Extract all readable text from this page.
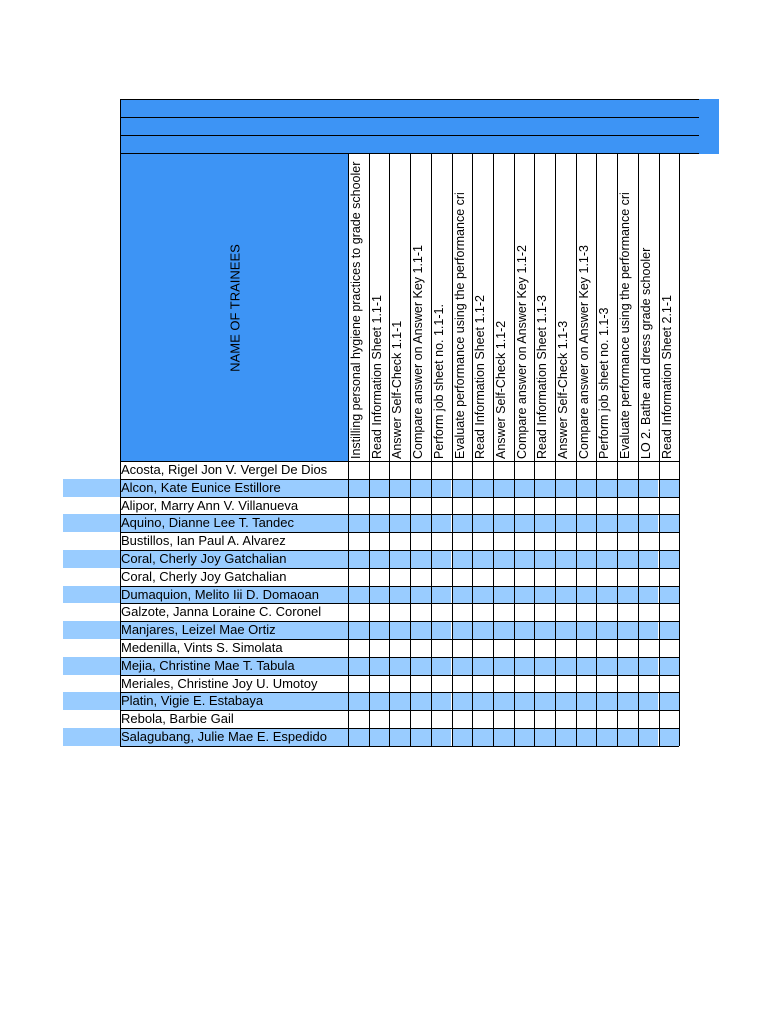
NAME OF TRAINEES	Instilling personal hygiene practices to grade schooler Read Information Sheet 1.1-1 Answer Self-Check 1.1-1 Compare answer on Answer Key 1.1-1 Perform job sheet no. 1.1-1. Evaluate performance using the performance cri Read Information Sheet 1.1-2 Answer Self-Check 1.1-2 Compare answer on Answer Key 1.1-2 Read Information Sheet 1.1-3 Answer Self-Check 1.1-3 Compare answer on Answer Key 1.1-3 Perform job sheet no. 1.1-3 Evaluate performance using the performance cri LO 2. Bathe and dress grade schooler Read Information Sheet 2.1-1
Acosta, Rigel Jon V. Vergel De Dios
Alcon, Kate Eunice Estillore
Alipor, Marry Ann V. Villanueva
Aquino, Dianne Lee T. Tandec
Bustillos, Ian Paul A. Alvarez
Coral, Cherly Joy Gatchalian
Coral, Cherly Joy Gatchalian
Dumaquion, Melito Iii D. Domaoan
Galzote, Janna Loraine C. Coronel
Manjares, Leizel Mae Ortiz
Medenilla, Vints S. Simolata
Mejia, Christine Mae T. Tabula
Meriales, Christine Joy U. Umotoy
Platin, Vigie E. Estabaya
Rebola, Barbie Gail
Salagubang, Julie Mae E. Espedido
